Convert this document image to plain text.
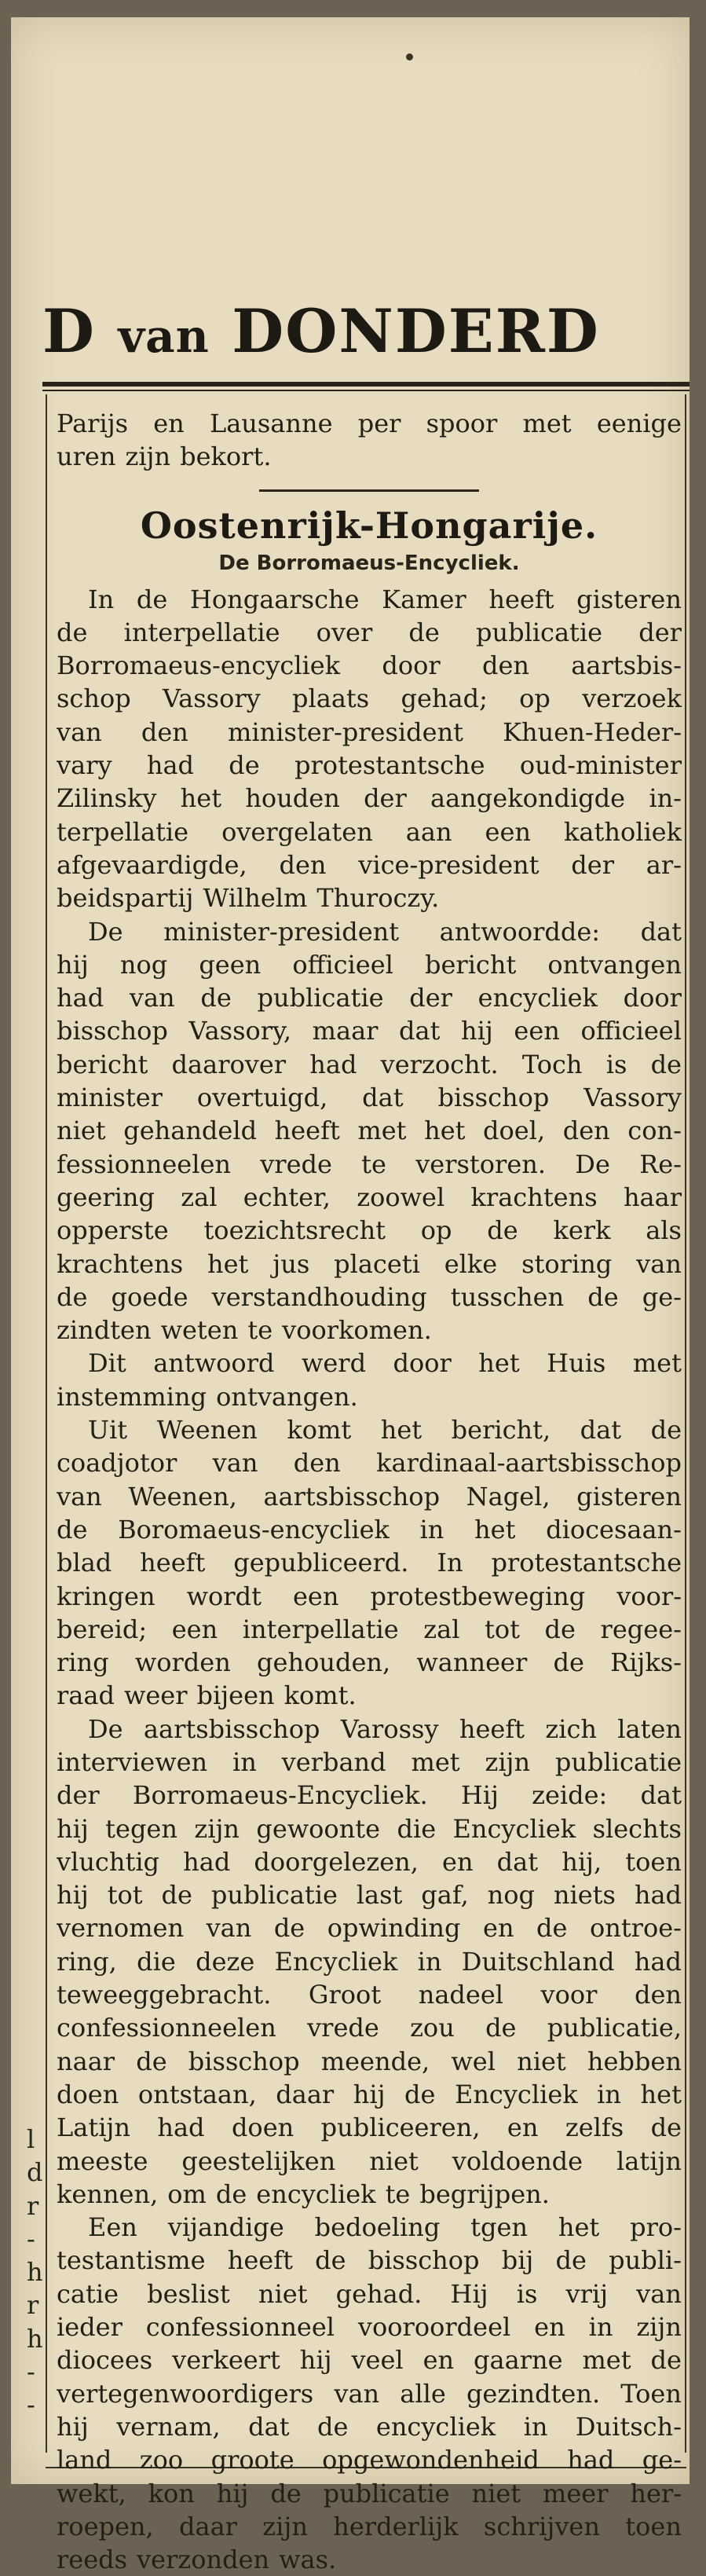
D van DONDERD
l
d
r
-
h
r
h
-
-
Parijs en Lausanne per spoor met eenige
uren zijn bekort.
Oostenrijk-Hongarije.
De Borromaeus-Encycliek.
In de Hongaarsche Kamer heeft gisteren
de interpellatie over de publicatie der
Borromaeus-encycliek door den aartsbis-
schop Vassory plaats gehad; op verzoek
van den minister-president Khuen-Heder-
vary had de protestantsche oud-minister
Zilinsky het houden der aangekondigde in-
terpellatie overgelaten aan een katholiek
afgevaardigde, den vice-president der ar-
beidspartij Wilhelm Thuroczy.
De minister-president antwoordde: dat
hij nog geen officieel bericht ontvangen
had van de publicatie der encycliek door
bisschop Vassory, maar dat hij een officieel
bericht daarover had verzocht. Toch is de
minister overtuigd, dat bisschop Vassory
niet gehandeld heeft met het doel, den con-
fessionneelen vrede te verstoren. De Re-
geering zal echter, zoowel krachtens haar
opperste toezichtsrecht op de kerk als
krachtens het jus placeti elke storing van
de goede verstandhouding tusschen de ge-
zindten weten te voorkomen.
Dit antwoord werd door het Huis met
instemming ontvangen.
Uit Weenen komt het bericht, dat de
coadjotor van den kardinaal-aartsbisschop
van Weenen, aartsbisschop Nagel, gisteren
de Boromaeus-encycliek in het diocesaan-
blad heeft gepubliceerd. In protestantsche
kringen wordt een protestbeweging voor-
bereid; een interpellatie zal tot de regee-
ring worden gehouden, wanneer de Rijks-
raad weer bijeen komt.
De aartsbisschop Varossy heeft zich laten
interviewen in verband met zijn publicatie
der Borromaeus-Encycliek. Hij zeide: dat
hij tegen zijn gewoonte die Encycliek slechts
vluchtig had doorgelezen, en dat hij, toen
hij tot de publicatie last gaf, nog niets had
vernomen van de opwinding en de ontroe-
ring, die deze Encycliek in Duitschland had
teweeggebracht. Groot nadeel voor den
confessionneelen vrede zou de publicatie,
naar de bisschop meende, wel niet hebben
doen ontstaan, daar hij de Encycliek in het
Latijn had doen publiceeren, en zelfs de
meeste geestelijken niet voldoende latijn
kennen, om de encycliek te begrijpen.
Een vijandige bedoeling tgen het pro-
testantisme heeft de bisschop bij de publi-
catie beslist niet gehad. Hij is vrij van
ieder confessionneel vooroordeel en in zijn
diocees verkeert hij veel en gaarne met de
vertegenwoordigers van alle gezindten. Toen
hij vernam, dat de encycliek in Duitsch-
land zoo groote opgewondenheid had ge-
wekt, kon hij de publicatie niet meer her-
roepen, daar zijn herderlijk schrijven toen
reeds verzonden was.
